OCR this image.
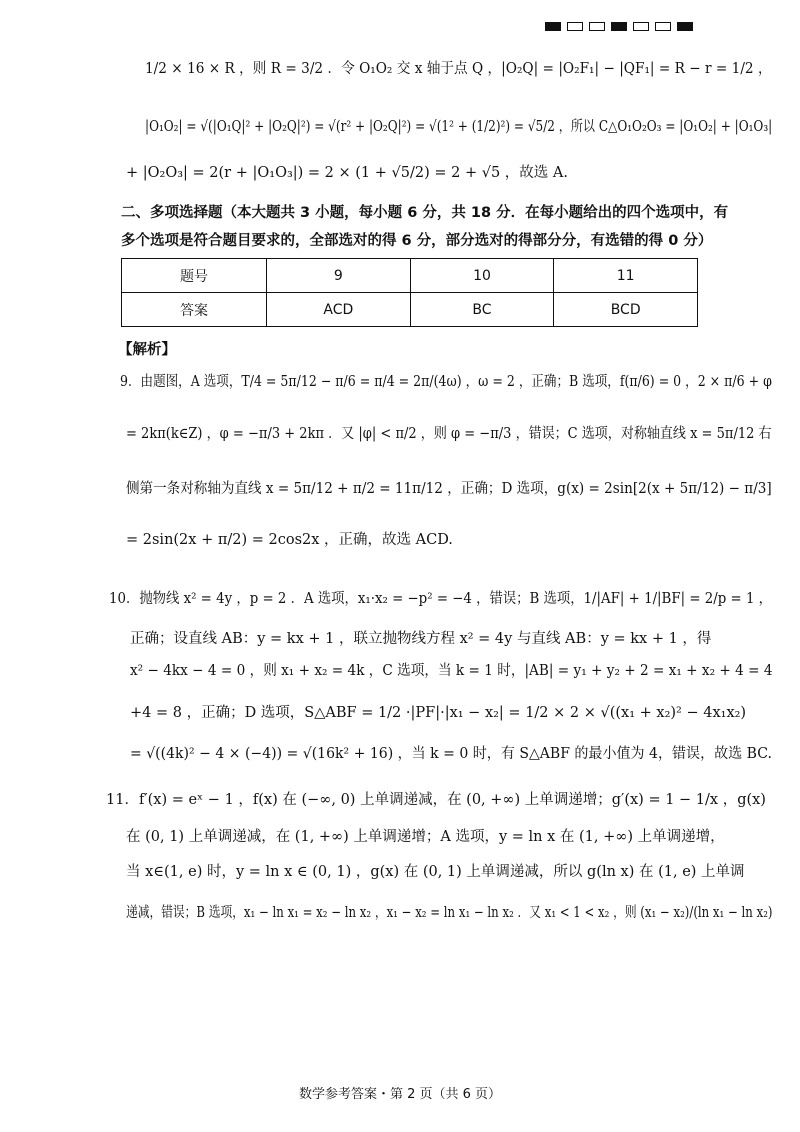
1/2 × 16 × R ，则 R = 3/2 ．令 O₁O₂ 交 x 轴于点 Q ，|O₂Q| = |O₂F₁| − |QF₁| = R − r = 1/2 ，
|O₁O₂| = √(|O₁Q|² + |O₂Q|²) = √(r² + |O₂Q|²) = √(1² + (1/2)²) = √5/2 ，所以 C△O₁O₂O₃ = |O₁O₂| + |O₁O₃|
+ |O₂O₃| = 2(r + |O₁O₃|) = 2 × (1 + √5/2) = 2 + √5 ，故选 A.
二、多项选择题（本大题共 3 小题，每小题 6 分，共 18 分．在每小题给出的四个选项中，有
多个选项是符合题目要求的，全部选对的得 6 分，部分选对的得部分分，有选错的得 0 分）
题号	9	10	11
答案	ACD	BC	BCD
【解析】
9．由题图，A 选项，T/4 = 5π/12 − π/6 = π/4 = 2π/(4ω) ，ω = 2 ，正确；B 选项，f(π/6) = 0 ，2 × π/6 + φ
= 2kπ(k∈Z) ，φ = −π/3 + 2kπ ．又 |φ| < π/2 ，则 φ = −π/3 ，错误；C 选项，对称轴直线 x = 5π/12 右
侧第一条对称轴为直线 x = 5π/12 + π/2 = 11π/12 ，正确；D 选项，g(x) = 2sin[2(x + 5π/12) − π/3]
= 2sin(2x + π/2) = 2cos2x ，正确，故选 ACD.
10．抛物线 x² = 4y ，p = 2 ．A 选项，x₁·x₂ = −p² = −4 ，错误；B 选项，1/|AF| + 1/|BF| = 2/p = 1 ，
正确；设直线 AB：y = kx + 1 ，联立抛物线方程 x² = 4y 与直线 AB：y = kx + 1 ，得
x² − 4kx − 4 = 0 ，则 x₁ + x₂ = 4k ，C 选项，当 k = 1 时，|AB| = y₁ + y₂ + 2 = x₁ + x₂ + 4 = 4
+4 = 8 ，正确；D 选项，S△ABF = 1/2 ·|PF|·|x₁ − x₂| = 1/2 × 2 × √((x₁ + x₂)² − 4x₁x₂)
= √((4k)² − 4 × (−4)) = √(16k² + 16) ，当 k = 0 时，有 S△ABF 的最小值为 4，错误，故选 BC.
11．f′(x) = eˣ − 1 ，f(x) 在 (−∞, 0) 上单调递减，在 (0, +∞) 上单调递增；g′(x) = 1 − 1/x ，g(x)
在 (0, 1) 上单调递减，在 (1, +∞) 上单调递增；A 选项，y = ln x 在 (1, +∞) 上单调递增，
当 x∈(1, e) 时，y = ln x ∈ (0, 1) ，g(x) 在 (0, 1) 上单调递减，所以 g(ln x) 在 (1, e) 上单调
递减，错误；B 选项，x₁ − ln x₁ = x₂ − ln x₂ ，x₁ − x₂ = ln x₁ − ln x₂ ．又 x₁ < 1 < x₂ ，则 (x₁ − x₂)/(ln x₁ − ln x₂)
数学参考答案・第 2 页（共 6 页）
